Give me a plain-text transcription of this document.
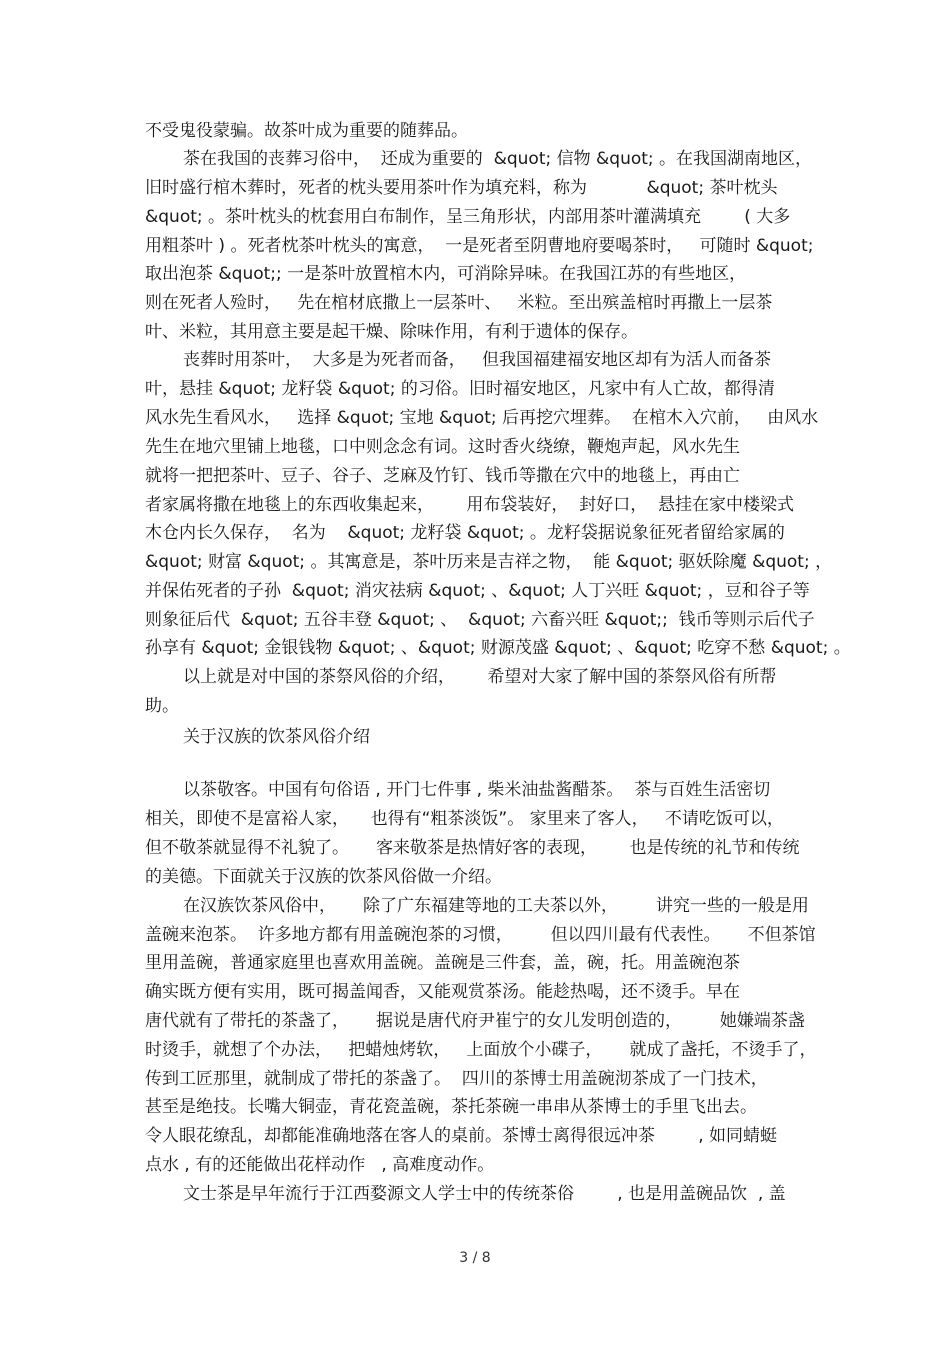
不受鬼役蒙骗。故茶叶成为重要的随葬品。
茶在我国的丧葬习俗中，  还成为重要的  &quot; 信物 &quot; 。在我国湖南地区，
旧时盛行棺木葬时，死者的枕头要用茶叶作为填充料，称为           &quot; 茶叶枕头
&quot; 。茶叶枕头的枕套用白布制作，呈三角形状，内部用茶叶灌满填充        ( 大多
用粗茶叶 ) 。死者枕茶叶枕头的寓意，  一是死者至阴曹地府要喝茶时，   可随时 &quot;
取出泡茶 &quot;; 一是茶叶放置棺木内，可消除异味。在我国江苏的有些地区，
则在死者人殓时，   先在棺材底撒上一层茶叶、   米粒。至出殡盖棺时再撒上一层茶
叶、米粒，其用意主要是起干燥、除味作用，有利于遗体的保存。
丧葬时用茶叶，  大多是为死者而备，   但我国福建福安地区却有为活人而备茶
叶，悬挂 &quot; 龙籽袋 &quot; 的习俗。旧时福安地区，凡家中有人亡故，都得清
风水先生看风水，   选择 &quot; 宝地 &quot; 后再挖穴埋葬。  在棺木入穴前，   由风水
先生在地穴里铺上地毯，口中则念念有词。这时香火绕缭，鞭炮声起，风水先生
就将一把把茶叶、豆子、谷子、芝麻及竹钉、钱币等撒在穴中的地毯上，再由亡
者家属将撒在地毯上的东西收集起来，      用布袋装好，  封好口，  悬挂在家中楼梁式
木仓内长久保存，  名为    &quot; 龙籽袋 &quot; 。龙籽袋据说象征死者留给家属的
&quot; 财富 &quot; 。其寓意是，茶叶历来是吉祥之物，  能 &quot; 驱妖除魔 &quot; ，
并保佑死者的子孙  &quot; 消灾祛病 &quot; 、&quot; 人丁兴旺 &quot; ，豆和谷子等
则象征后代  &quot; 五谷丰登 &quot; 、  &quot; 六畜兴旺 &quot;;  钱币等则示后代子
孙享有 &quot; 金银钱物 &quot; 、&quot; 财源茂盛 &quot; 、&quot; 吃穿不愁 &quot; 。
以上就是对中国的茶祭风俗的介绍，      希望对大家了解中国的茶祭风俗有所帮
助。
关于汉族的饮茶风俗介绍
以茶敬客。中国有句俗语 , 开门七件事 , 柴米油盐酱醋茶。  茶与百姓生活密切
相关，即使不是富裕人家，    也得有“粗茶淡饭”。 家里来了客人，   不请吃饭可以，
但不敬茶就显得不礼貌了。     客来敬茶是热情好客的表现，      也是传统的礼节和传统
的美德。下面就关于汉族的饮茶风俗做一介绍。
在汉族饮茶风俗中，     除了广东福建等地的工夫茶以外，       讲究一些的一般是用
盖碗来泡茶。  许多地方都有用盖碗泡茶的习惯，       但以四川最有代表性。     不但茶馆
里用盖碗，普通家庭里也喜欢用盖碗。盖碗是三件套，盖，碗，托。用盖碗泡茶
确实既方便有实用，既可揭盖闻香，又能观赏茶汤。能趁热喝，还不烫手。早在
唐代就有了带托的茶盏了，     据说是唐代府尹崔宁的女儿发明创造的，       她嫌端茶盏
时烫手，就想了个办法，   把蜡烛烤软，   上面放个小碟子，     就成了盏托，不烫手了，
传到工匠那里，就制成了带托的茶盏了。  四川的茶博士用盖碗沏茶成了一门技术，
甚至是绝技。长嘴大铜壶，青花瓷盖碗，茶托茶碗一串串从茶博士的手里飞出去。
令人眼花缭乱，却都能准确地落在客人的桌前。茶博士离得很远冲茶        , 如同蜻蜓
点水 , 有的还能做出花样动作   , 高难度动作。
文士茶是早年流行于江西婺源文人学士中的传统茶俗        , 也是用盖碗品饮  , 盖
3 / 8
